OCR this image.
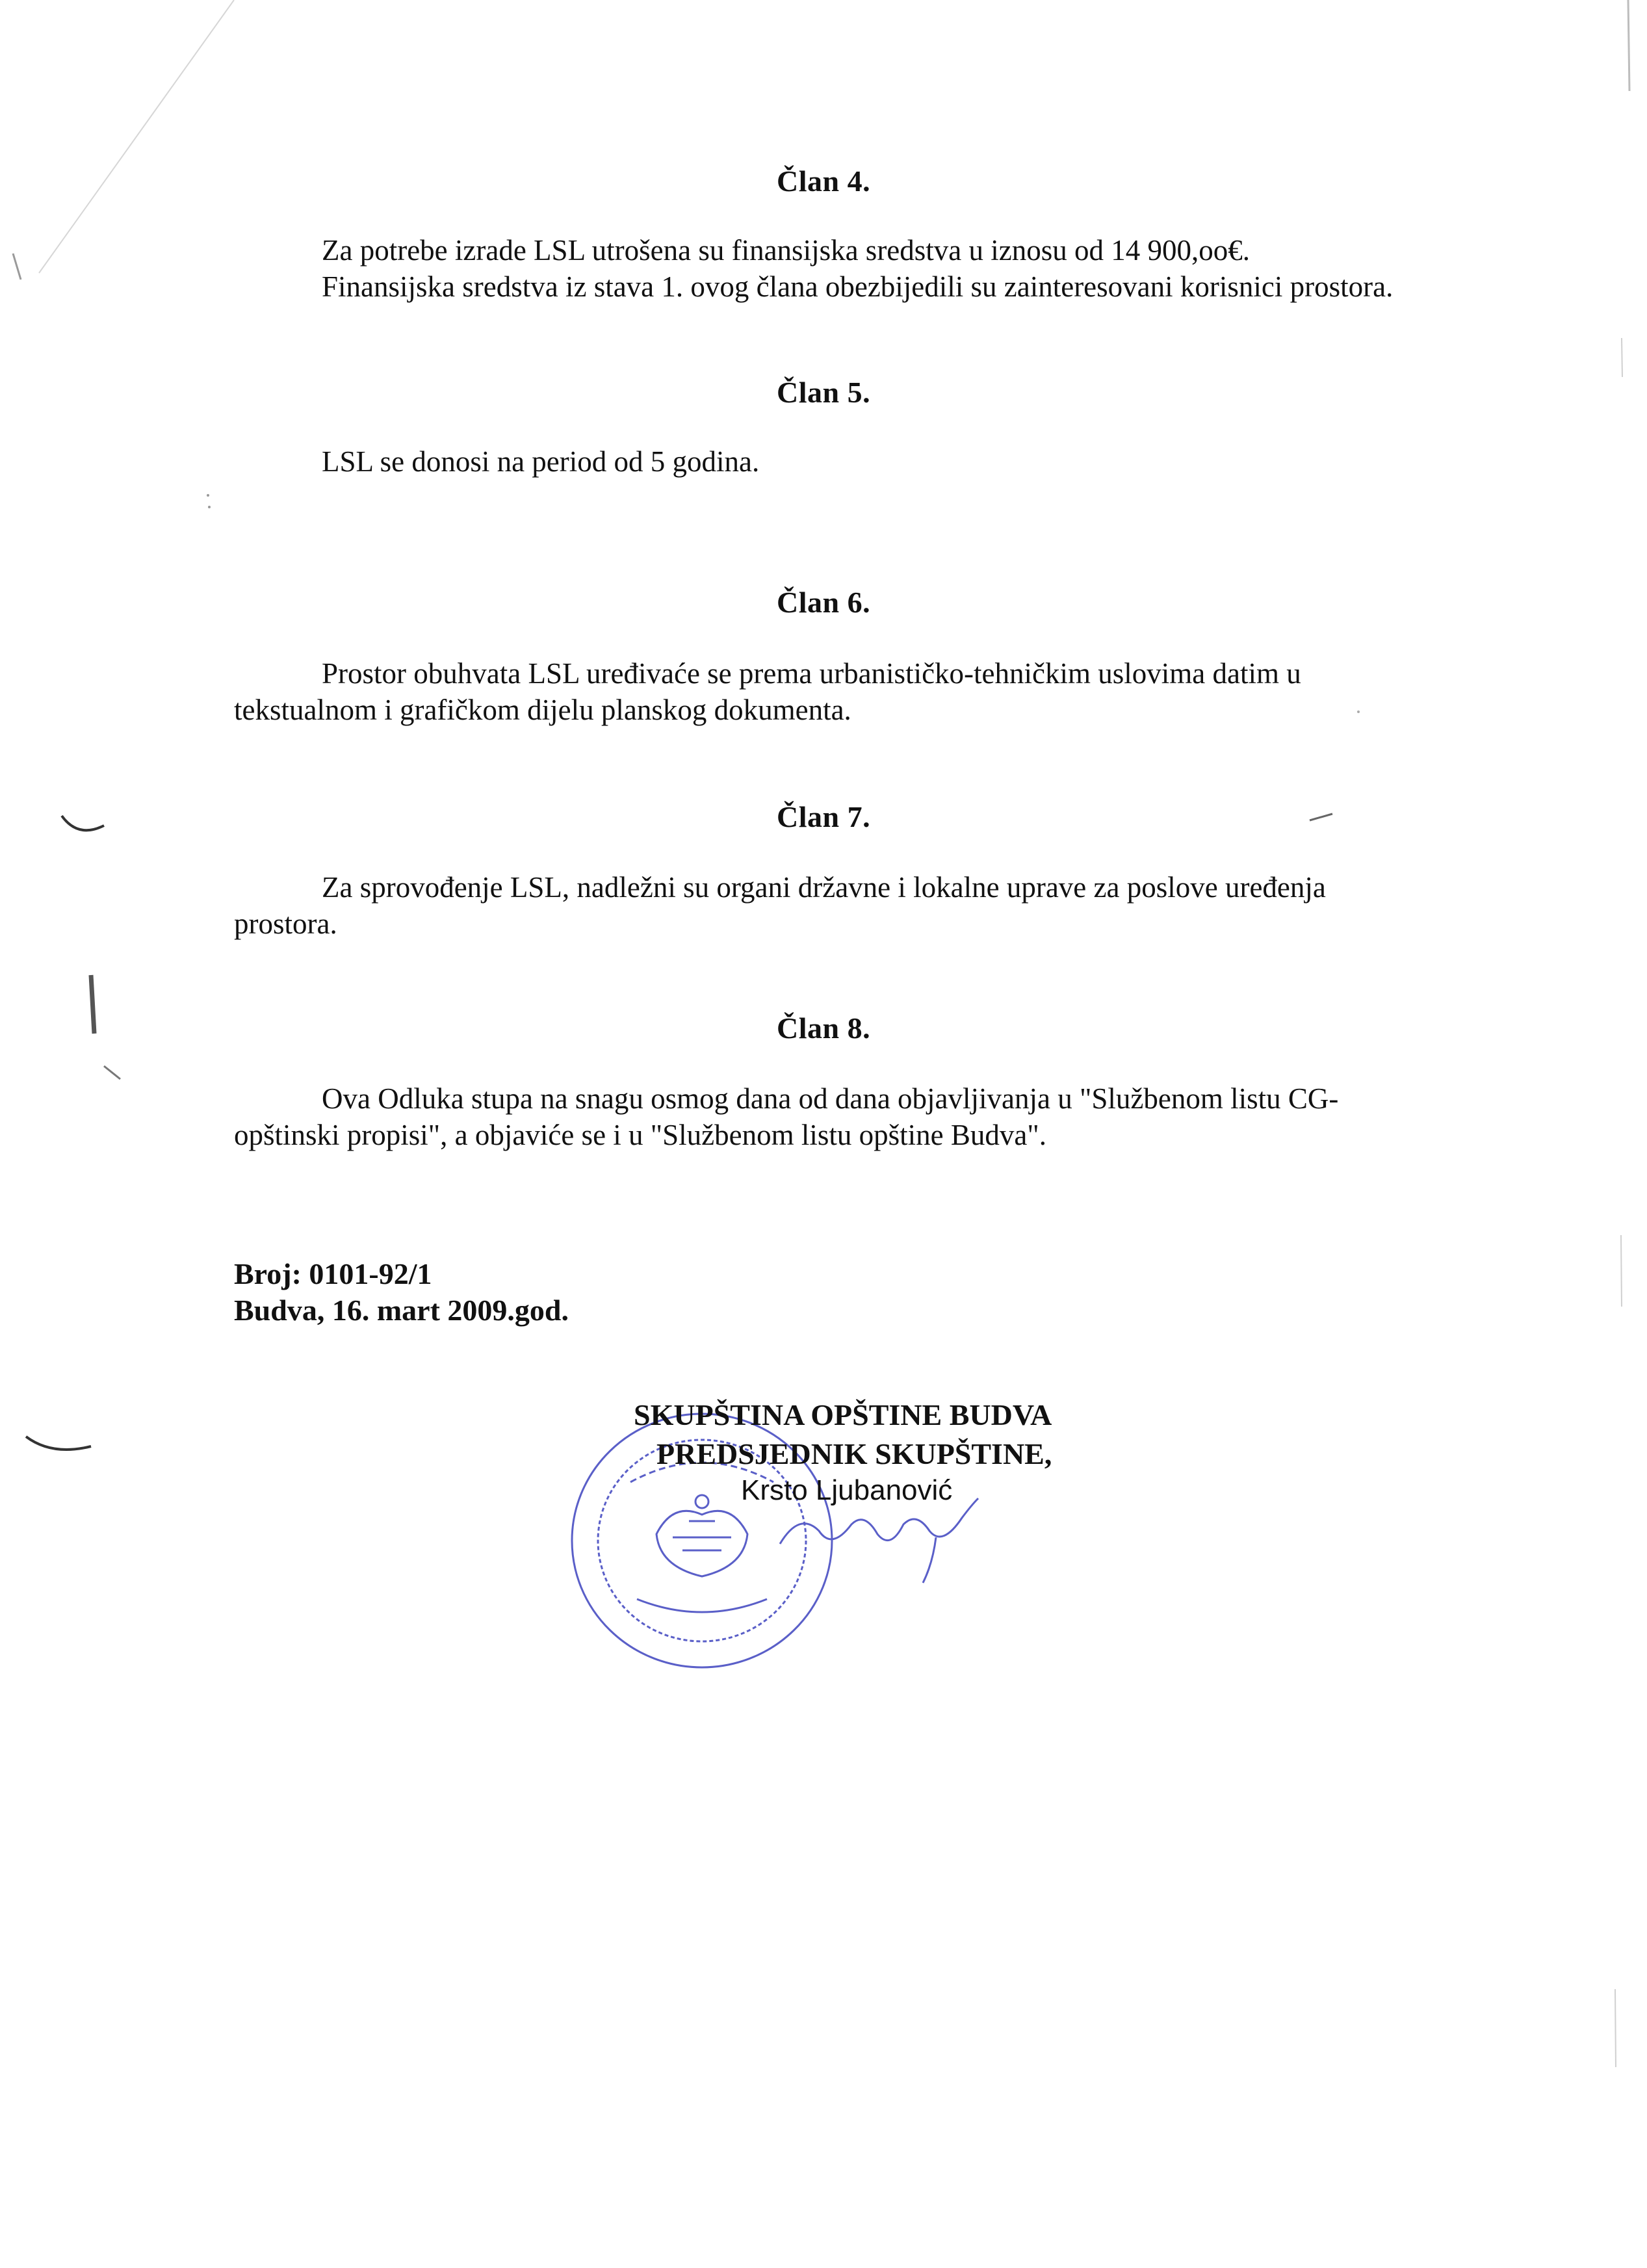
Član 4.
Za potrebe izrade LSL utrošena su finansijska sredstva u iznosu od 14 900,oo€.
Finansijska sredstva iz stava 1. ovog člana obezbijedili su zainteresovani korisnici prostora.
Član 5.
LSL se donosi na period od 5 godina.
Član 6.
Prostor obuhvata LSL uređivaće se prema urbanističko-tehničkim uslovima datim u
tekstualnom i grafičkom dijelu planskog dokumenta.
Član 7.
Za sprovođenje LSL, nadležni su organi državne i lokalne uprave za poslove uređenja
prostora.
Član 8.
Ova Odluka stupa na snagu osmog dana od dana objavljivanja u "Službenom listu CG-
opštinski propisi", a objaviće se i u "Službenom listu opštine Budva".
Broj: 0101-92/1
Budva, 16. mart 2009.god.
SKUPŠTINA OPŠTINE BUDVA
PREDSJEDNIK SKUPŠTINE,
Krsto Ljubanović
